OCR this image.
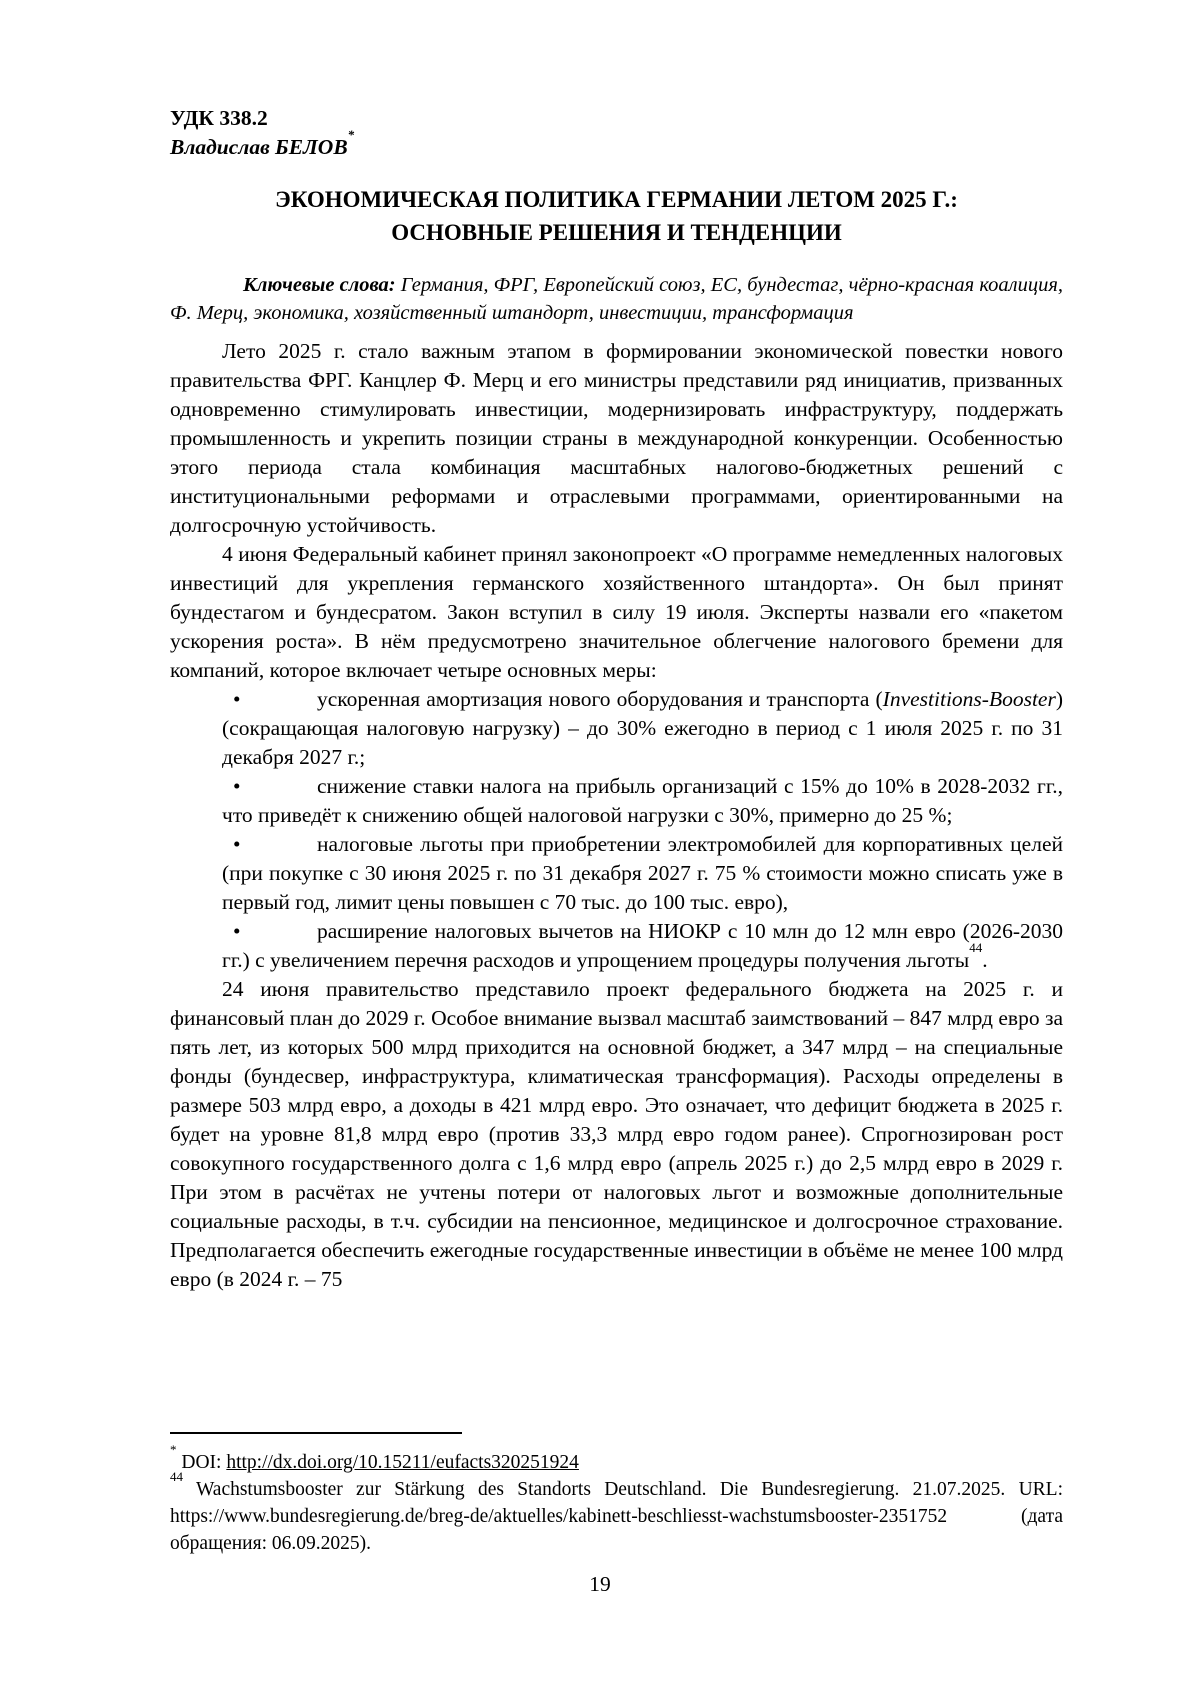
УДК 338.2
Владислав БЕЛОВ*
ЭКОНОМИЧЕСКАЯ ПОЛИТИКА ГЕРМАНИИ ЛЕТОМ 2025 Г.:
ОСНОВНЫЕ РЕШЕНИЯ И ТЕНДЕНЦИИ

Ключевые слова: Германия, ФРГ, Европейский союз, ЕС, бундестаг, чёрно-красная коалиция, Ф. Мерц, экономика, хозяйственный штандорт, инвестиции, трансформация

Лето 2025 г. стало важным этапом в формировании экономической повестки нового правительства ФРГ. Канцлер Ф. Мерц и его министры представили ряд инициатив, призванных одновременно стимулировать инвестиции, модернизировать инфраструктуру, поддержать промышленность и укрепить позиции страны в международной конкуренции. Особенностью этого периода стала комбинация масштабных налогово-бюджетных решений с институциональными реформами и отраслевыми программами, ориентированными на долгосрочную устойчивость.

4 июня Федеральный кабинет принял законопроект «О программе немедленных налоговых инвестиций для укрепления германского хозяйственного штандорта». Он был принят бундестагом и бундесратом. Закон вступил в силу 19 июля. Эксперты назвали его «пакетом ускорения роста». В нём предусмотрено значительное облегчение налогового бремени для компаний, которое включает четыре основных меры:

•	ускоренная амортизация нового оборудования и транспорта (Investitions-Booster) (сокращающая налоговую нагрузку) – до 30% ежегодно в период с 1 июля 2025 г. по 31 декабря 2027 г.;

•	снижение ставки налога на прибыль организаций с 15% до 10% в 2028-2032 гг., что приведёт к снижению общей налоговой нагрузки с 30%, примерно до 25 %;

•	налоговые льготы при приобретении электромобилей для корпоративных целей (при покупке с 30 июня 2025 г. по 31 декабря 2027 г. 75 % стоимости можно списать уже в первый год, лимит цены повышен с 70 тыс. до 100 тыс. евро),

•	расширение налоговых вычетов на НИОКР с 10 млн до 12 млн евро (2026-2030 гг.) с увеличением перечня расходов и упрощением процедуры получения льготы$^{44}$.

24 июня правительство представило проект федерального бюджета на 2025 г. и финансовый план до 2029 г. Особое внимание вызвал масштаб заимствований – 847 млрд евро за пять лет, из которых 500 млрд приходится на основной бюджет, а 347 млрд – на специальные фонды (бундесвер, инфраструктура, климатическая трансформация). Расходы определены в размере 503 млрд евро, а доходы в 421 млрд евро. Это означает, что дефицит бюджета в 2025 г. будет на уровне 81,8 млрд евро (против 33,3 млрд евро годом ранее). Спрогнозирован рост совокупного государственного долга с 1,6 млрд евро (апрель 2025 г.) до 2,5 млрд евро в 2029 г. При этом в расчётах не учтены потери от налоговых льгот и возможные дополнительные социальные расходы, в т.ч. субсидии на пенсионное, медицинское и долгосрочное страхование. Предполагается обеспечить ежегодные государственные инвестиции в объёме не менее 100 млрд евро (в 2024 г. – 75

* DOI: http://dx.doi.org/10.15211/eufacts320251924

$^{44}$ Wachstumsbooster zur Stärkung des Standorts Deutschland. Die Bundesregierung. 21.07.2025. URL: https://www.bundesregierung.de/breg-de/aktuelles/kabinett-beschliesst-wachstumsbooster-2351752 (дата обращения: 06.09.2025).

19
